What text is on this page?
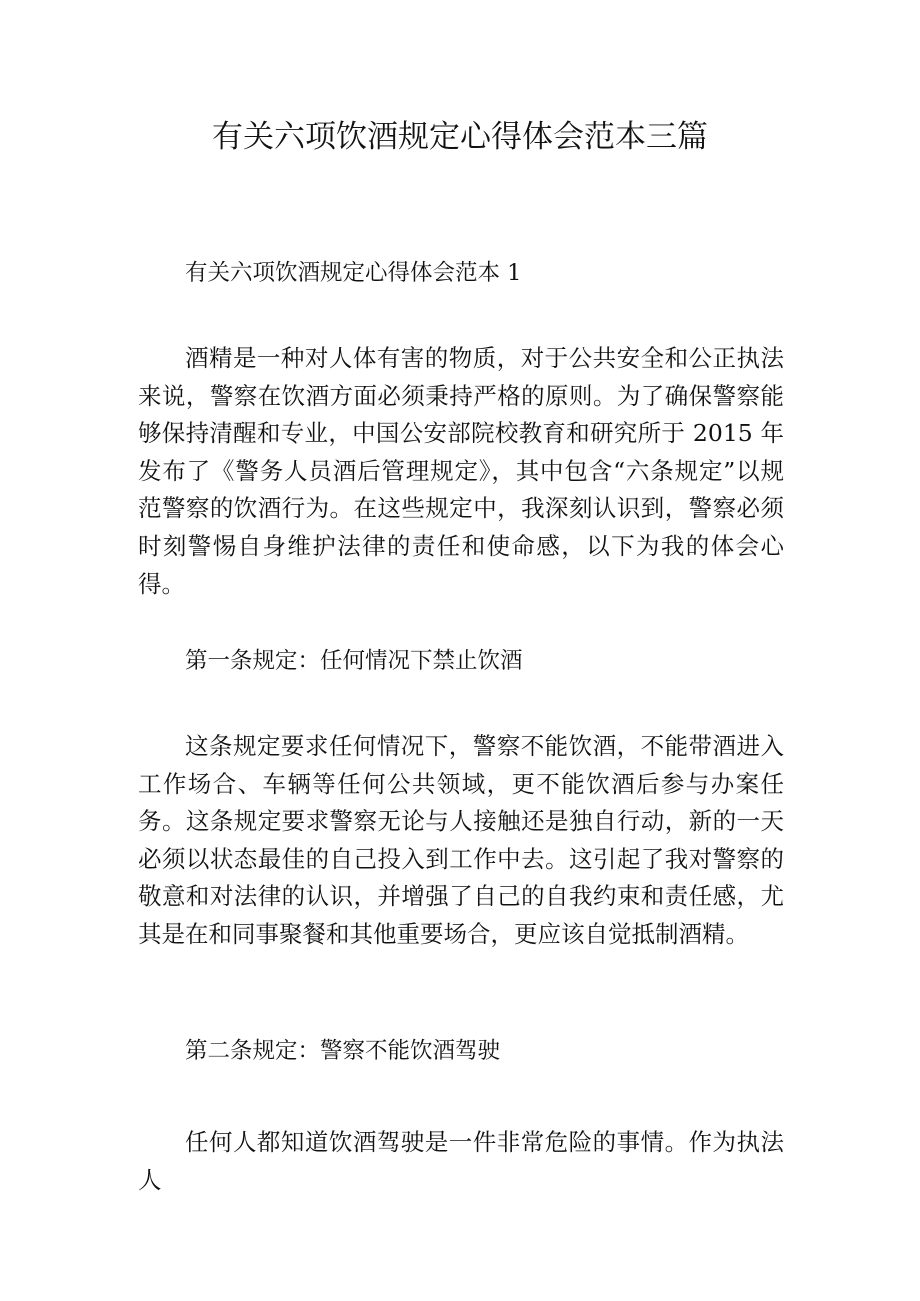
有关六项饮酒规定心得体会范本三篇

有关六项饮酒规定心得体会范本 1

酒精是一种对人体有害的物质，对于公共安全和公正执法来说，警察在饮酒方面必须秉持严格的原则。为了确保警察能够保持清醒和专业，中国公安部院校教育和研究所于 2015 年发布了《警务人员酒后管理规定》，其中包含“六条规定”以规范警察的饮酒行为。在这些规定中，我深刻认识到，警察必须时刻警惕自身维护法律的责任和使命感，以下为我的体会心得。

第一条规定：任何情况下禁止饮酒

这条规定要求任何情况下，警察不能饮酒，不能带酒进入工作场合、车辆等任何公共领域，更不能饮酒后参与办案任务。这条规定要求警察无论与人接触还是独自行动，新的一天必须以状态最佳的自己投入到工作中去。这引起了我对警察的敬意和对法律的认识，并增强了自己的自我约束和责任感，尤其是在和同事聚餐和其他重要场合，更应该自觉抵制酒精。

第二条规定：警察不能饮酒驾驶

任何人都知道饮酒驾驶是一件非常危险的事情。作为执法人
